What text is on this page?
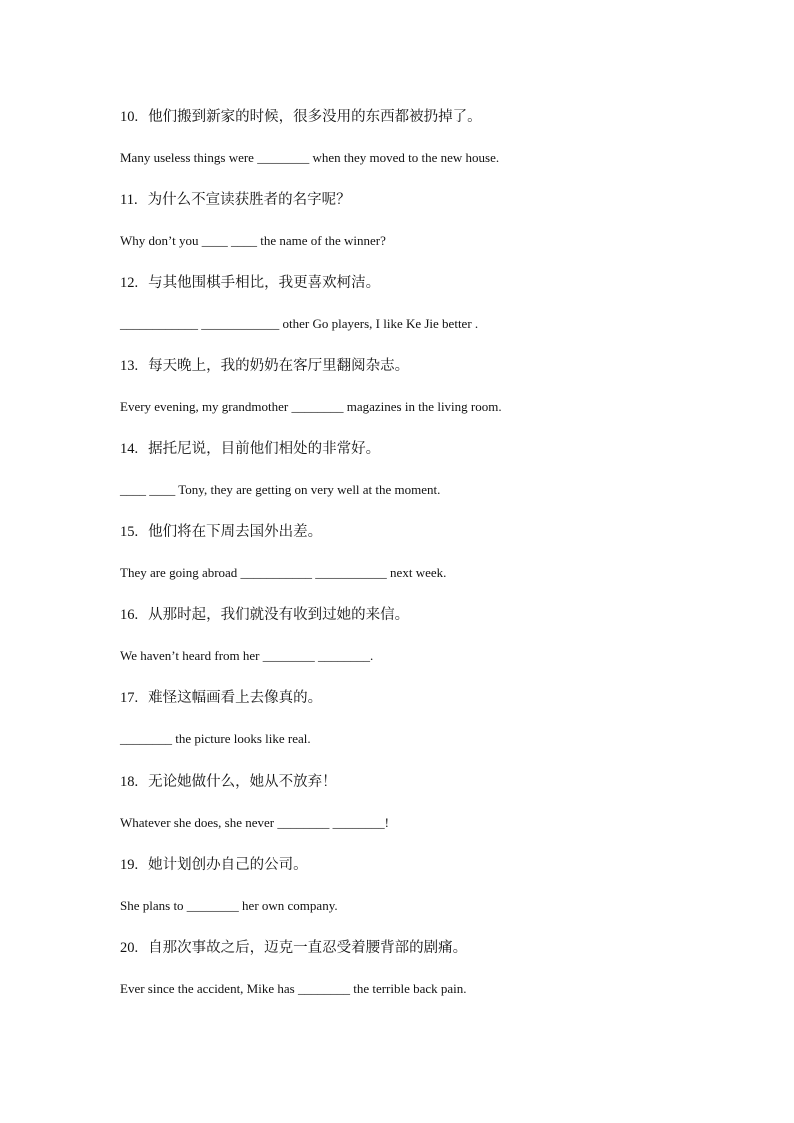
10. 他们搬到新家的时候，很多没用的东西都被扔掉了。
Many useless things were ________ when they moved to the new house.
11. 为什么不宣读获胜者的名字呢？
Why don’t you ____ ____ the name of the winner?
12. 与其他围棋手相比，我更喜欢柯洁。
____________ ____________ other Go players, I like Ke Jie better .
13. 每天晚上，我的奶奶在客厅里翻阅杂志。
Every evening, my grandmother ________ magazines in the living room.
14. 据托尼说，目前他们相处的非常好。
____ ____ Tony, they are getting on very well at the moment.
15. 他们将在下周去国外出差。
They are going abroad ___________ ___________ next week.
16. 从那时起，我们就没有收到过她的来信。
We haven’t heard from her ________ ________.
17. 难怪这幅画看上去像真的。
________ the picture looks like real.
18. 无论她做什么，她从不放弃！
Whatever she does, she never ________ ________!
19. 她计划创办自己的公司。
She plans to ________ her own company.
20. 自那次事故之后，迈克一直忍受着腰背部的剧痛。
Ever since the accident, Mike has ________ the terrible back pain.
